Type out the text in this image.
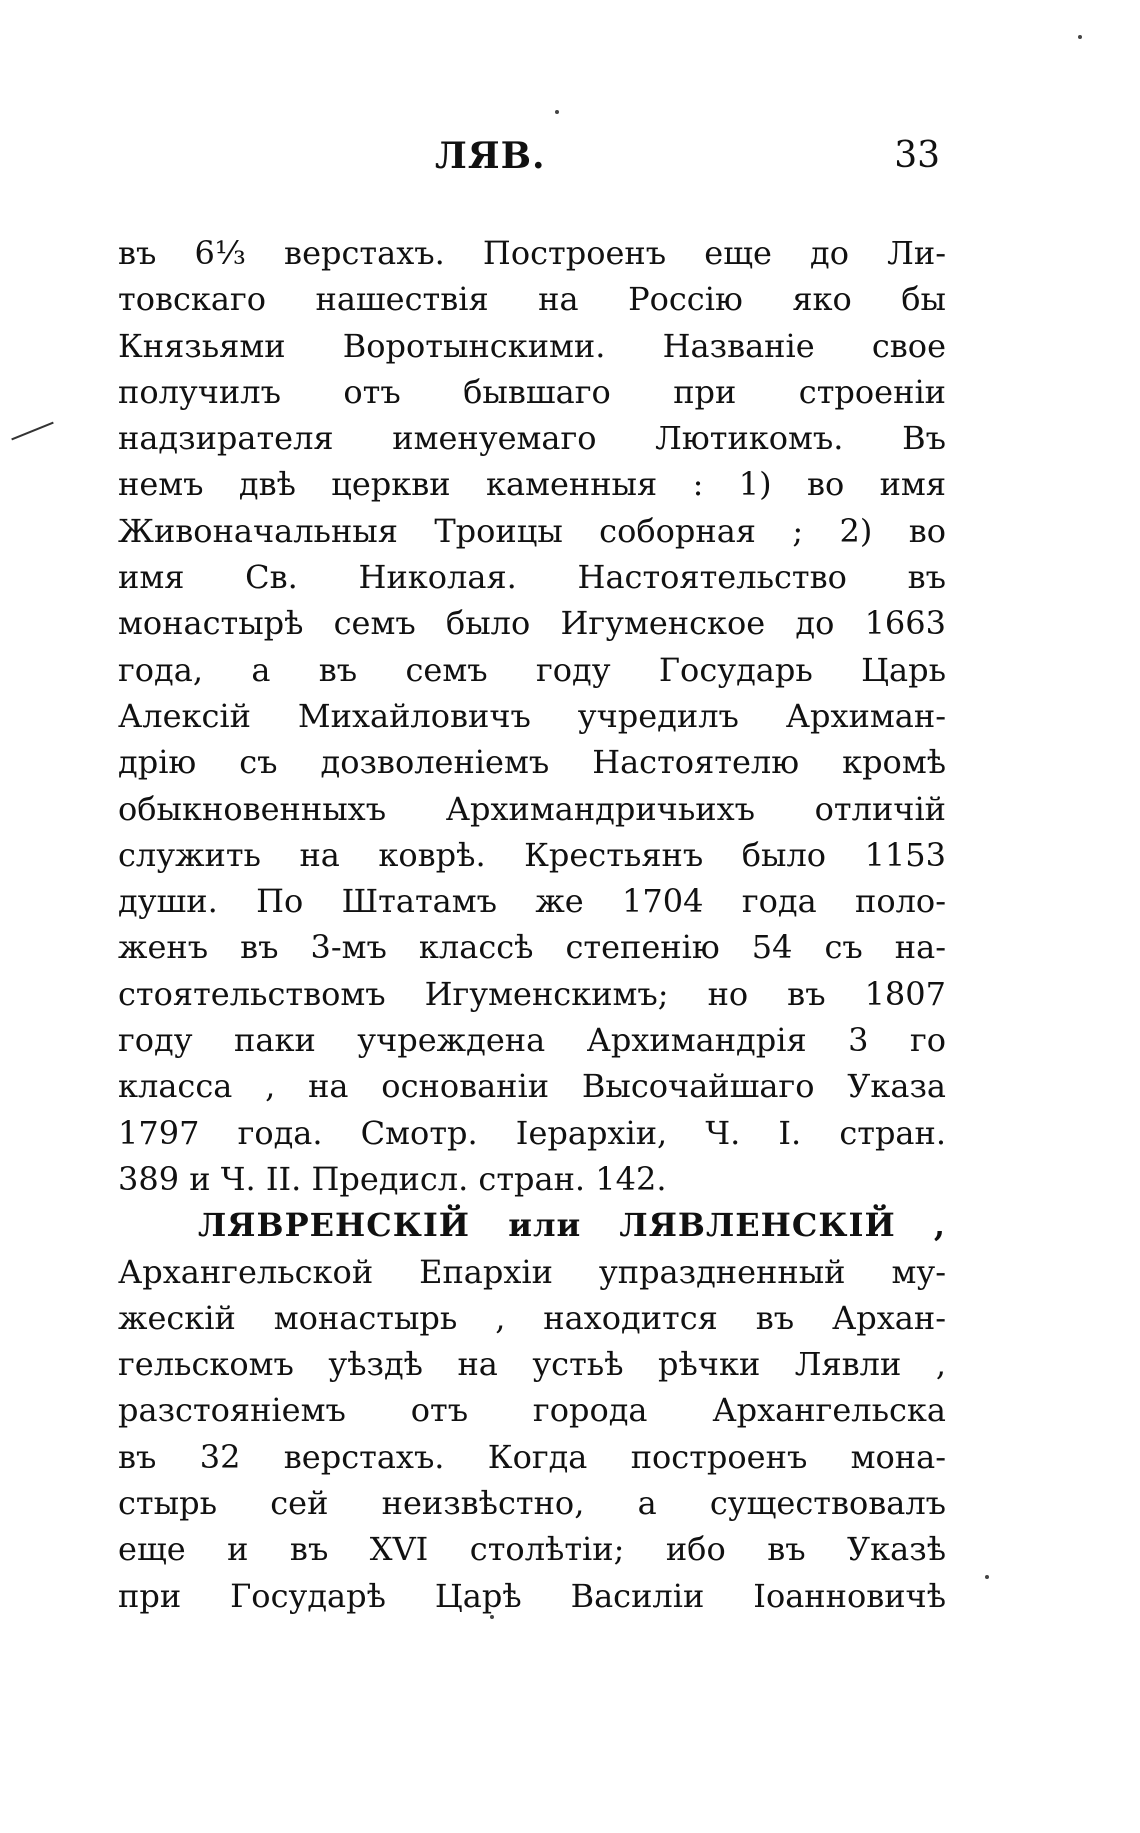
ЛЯВ.	33
въ 6⅓ верстахъ. Построенъ еще до Ли-
товскаго нашествія на Россію яко бы
Князьями Воротынскими. Названіе свое
получилъ отъ бывшаго при строеніи
надзирателя именуемаго Лютикомъ. Въ
немъ двѣ церкви каменныя : 1) во имя
Живоначальныя Троицы соборная ; 2) во
имя Св. Николая. Настоятельство въ
монастырѣ семъ было Игуменское до 1663
года, а въ семъ году Государь Царь
Алексій Михайловичъ учредилъ Архиман-
дрію съ дозволеніемъ Настоятелю кромѣ
обыкновенныхъ Архимандричьихъ отличій
служить на коврѣ. Крестьянъ было 1153
души. По Штатамъ же 1704 года поло-
женъ въ 3-мъ классѣ степенію 54 съ на-
стоятельствомъ Игуменскимъ; но въ 1807
году паки учреждена Архимандрія 3 го
класса , на основаніи Высочайшаго Указа
1797 года. Смотр. Іерархіи, Ч. І. стран.
389 и Ч. ІІ. Предисл. стран. 142.
ЛЯВРЕНСКІЙ или ЛЯВЛЕНСКІЙ ,
Архангельской Епархіи упраздненный му-
жескій монастырь , находится въ Архан-
гельскомъ уѣздѣ на устьѣ рѣчки Лявли ,
разстояніемъ отъ города Архангельска
въ 32 верстахъ. Когда построенъ мона-
стырь сей неизвѣстно, а существовалъ
еще и въ XVI столѣтіи; ибо въ Указѣ
при Государѣ Царѣ Василіи Іоанновичѣ
